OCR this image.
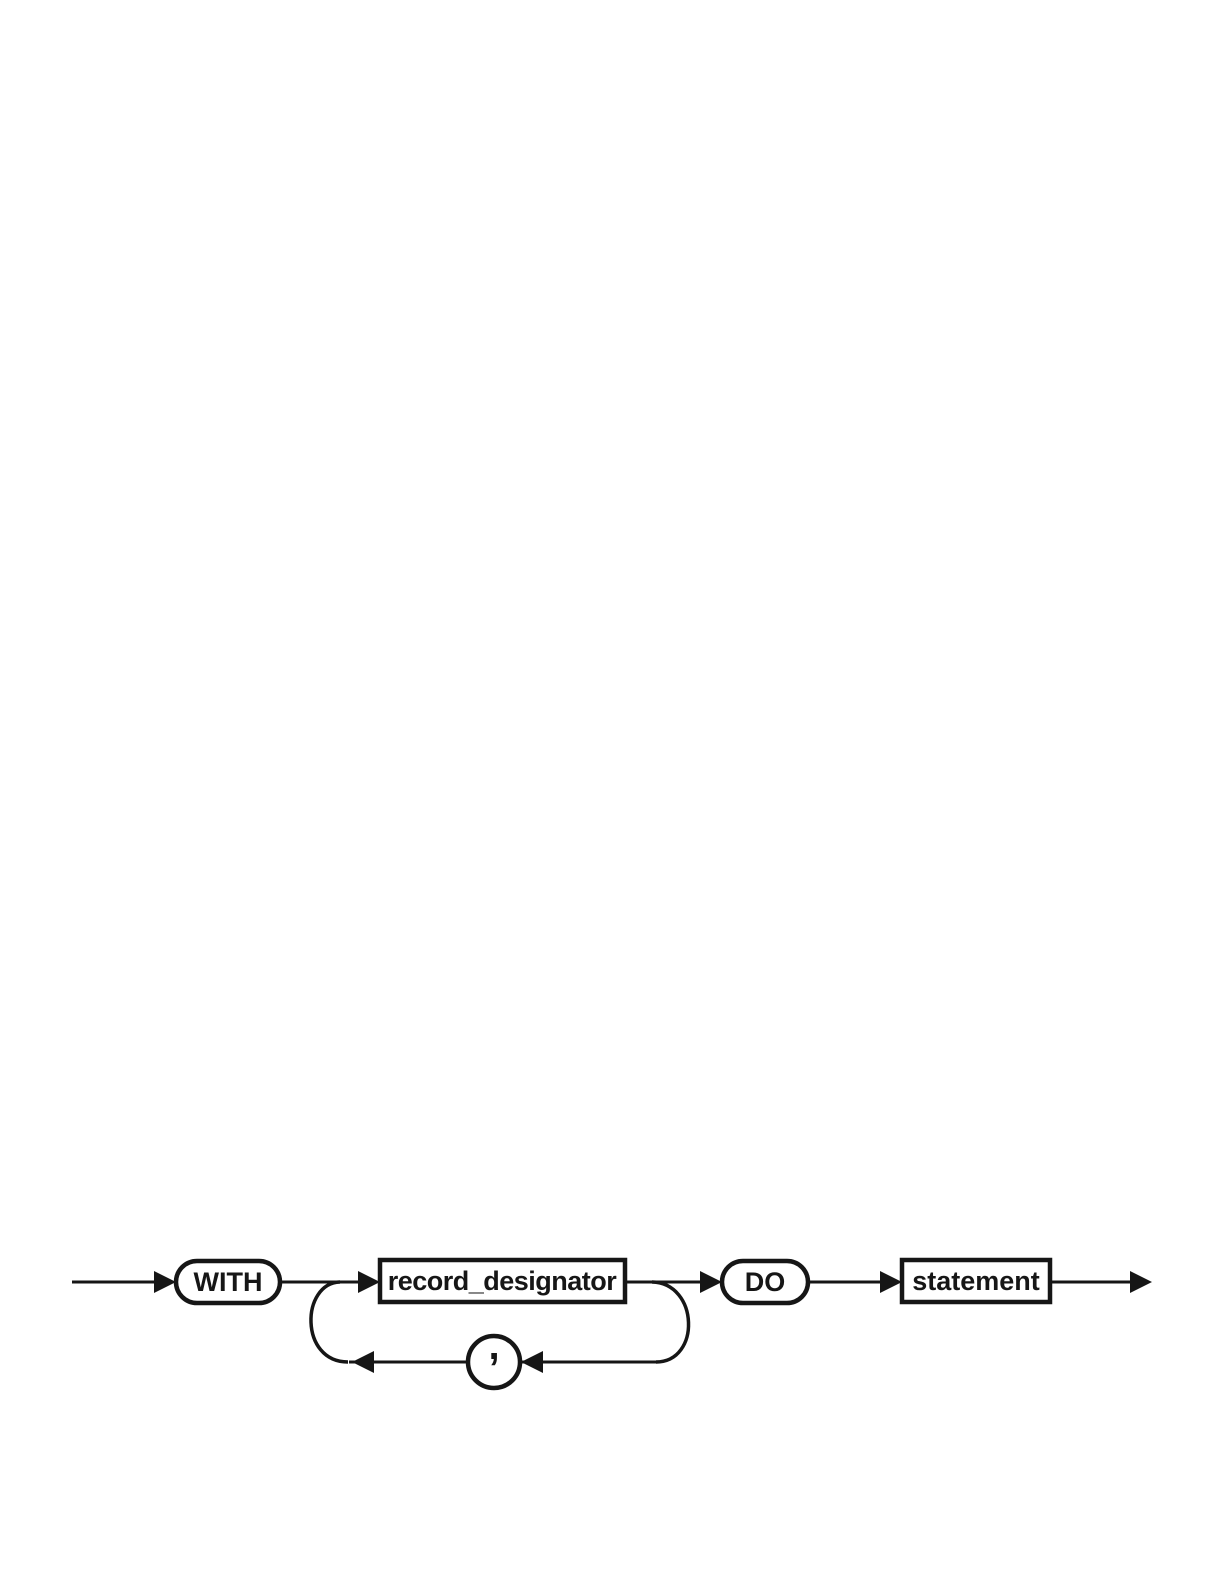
WITH	record_designator
,
DO	statement
